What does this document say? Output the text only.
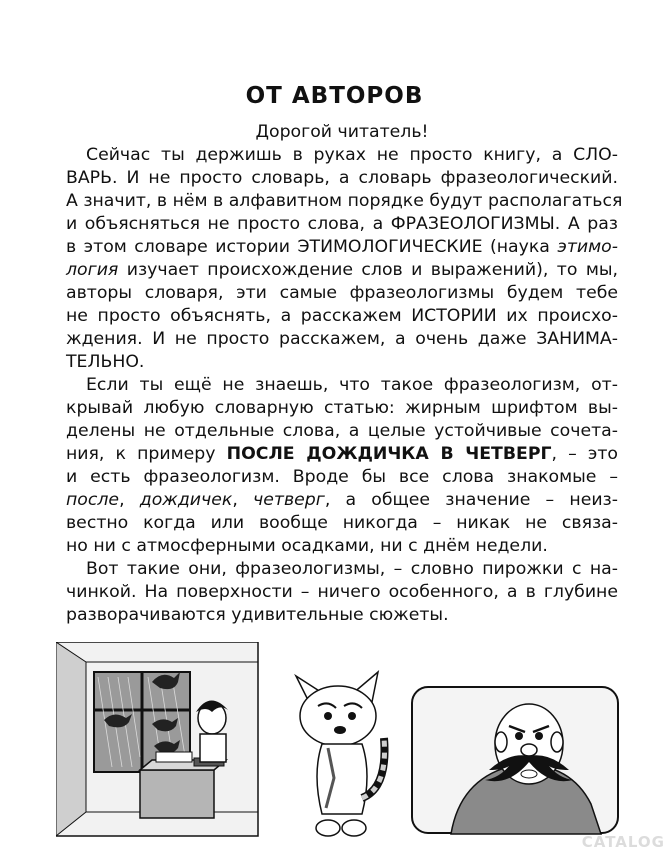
ОТ АВТОРОВ

Дорогой читатель!

Сейчас ты держишь в руках не просто книгу, а СЛО-
ВАРЬ. И не просто словарь, а словарь фразеологический.
А значит, в нём в алфавитном порядке будут располагаться
и объясняться не просто слова, а ФРАЗЕОЛОГИЗМЫ. А раз
в этом словаре истории ЭТИМОЛОГИЧЕСКИЕ (наука этимо-
логия изучает происхождение слов и выражений), то мы,
авторы словаря, эти самые фразеологизмы будем тебе
не просто объяснять, а расскажем ИСТОРИИ их происхо-
ждения. И не просто расскажем, а очень даже ЗАНИМА-
ТЕЛЬНО.
Если ты ещё не знаешь, что такое фразеологизм, от-
крывай любую словарную статью: жирным шрифтом вы-
делены не отдельные слова, а целые устойчивые сочета-
ния, к примеру ПОСЛЕ ДОЖДИЧКА В ЧЕТВЕРГ, – это
и есть фразеологизм. Вроде бы все слова знакомые –
после, дождичек, четверг, а общее значение – неиз-
вестно когда или вообще никогда – никак не связа-
но ни с атмосферными осадками, ни с днём недели.
Вот такие они, фразеологизмы, – словно пирожки с на-
чинкой. На поверхности – ничего особенного, а в глубине
разворачиваются удивительные сюжеты.
CATALOG
